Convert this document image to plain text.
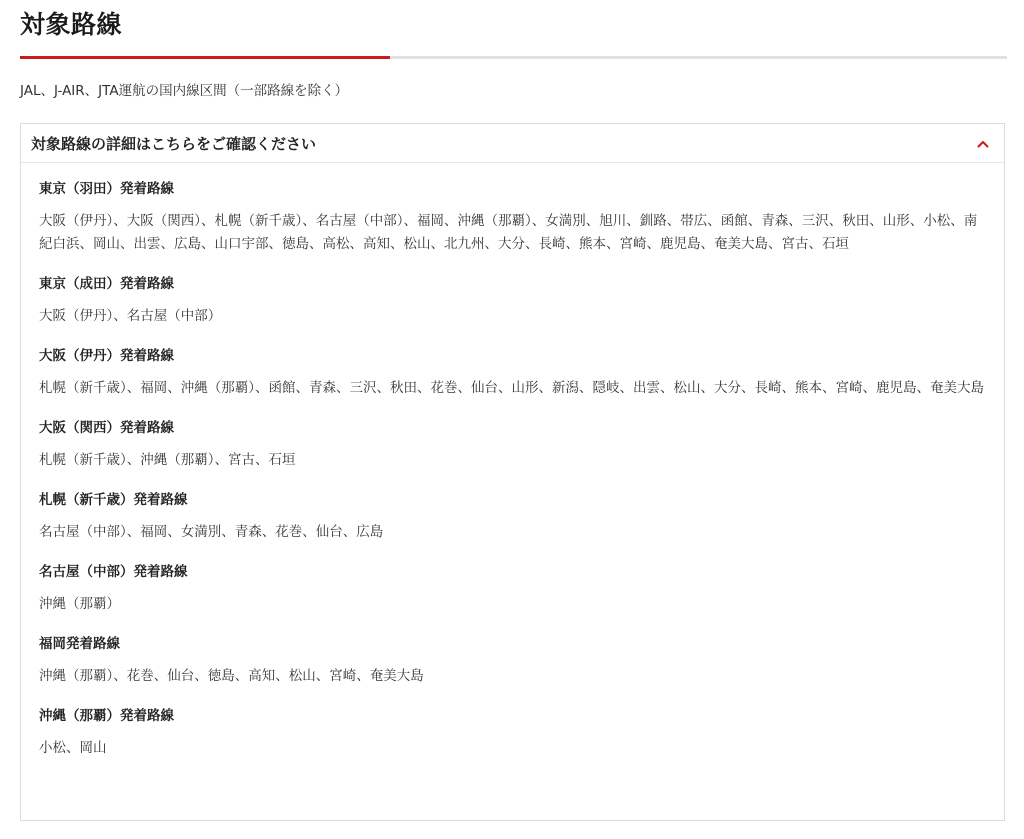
対象路線

JAL、J-AIR、JTA運航の国内線区間（一部路線を除く）

対象路線の詳細はこちらをご確認ください
東京（羽田）発着路線

大阪（伊丹）、大阪（関西）、札幌（新千歳）、名古屋（中部）、福岡、沖縄（那覇）、女満別、旭川、釧路、帯広、函館、青森、三沢、秋田、山形、小松、南紀白浜、岡山、出雲、広島、山口宇部、徳島、高松、高知、松山、北九州、大分、長崎、熊本、宮崎、鹿児島、奄美大島、宮古、石垣

東京（成田）発着路線

大阪（伊丹）、名古屋（中部）

大阪（伊丹）発着路線

札幌（新千歳）、福岡、沖縄（那覇）、函館、青森、三沢、秋田、花巻、仙台、山形、新潟、隠岐、出雲、松山、大分、長崎、熊本、宮崎、鹿児島、奄美大島

大阪（関西）発着路線

札幌（新千歳）、沖縄（那覇）、宮古、石垣

札幌（新千歳）発着路線

名古屋（中部）、福岡、女満別、青森、花巻、仙台、広島

名古屋（中部）発着路線

沖縄（那覇）

福岡発着路線

沖縄（那覇）、花巻、仙台、徳島、高知、松山、宮崎、奄美大島

沖縄（那覇）発着路線

小松、岡山
